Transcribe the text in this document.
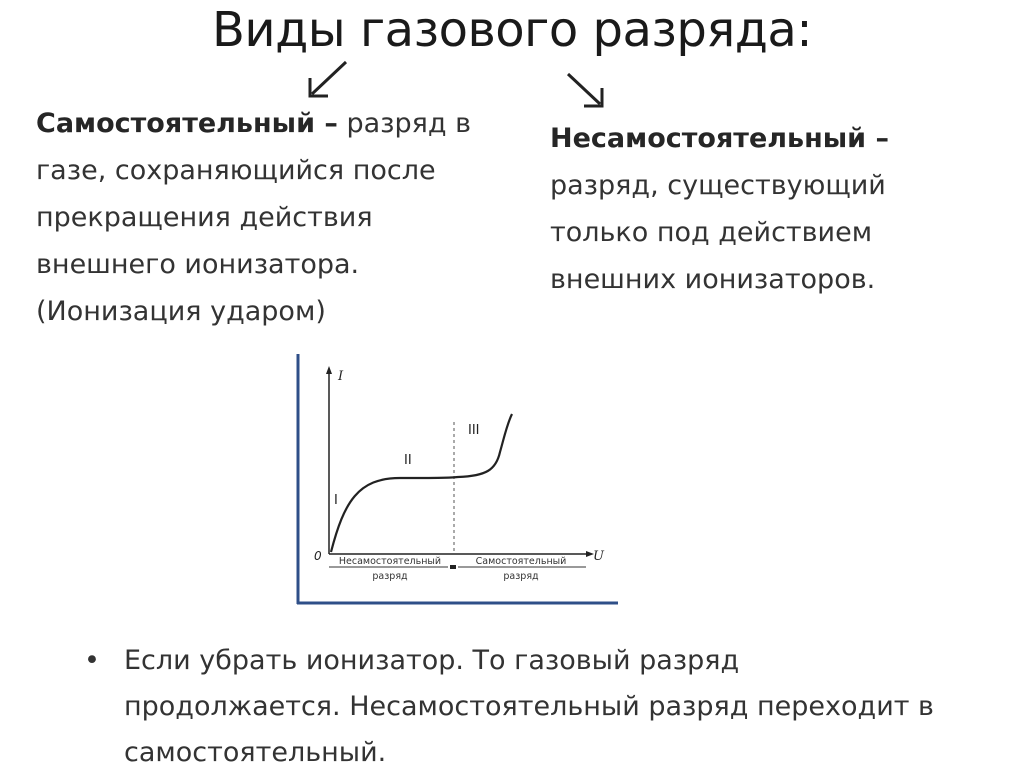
Виды газового разряда:
Самостоятельный – разряд в
газе, сохраняющийся после
прекращения действия
внешнего ионизатора.
(Ионизация ударом)
Несамостоятельный –
разряд, существующий
только под действием
внешних ионизаторов.
I
U
0
I
II
III
Несамостоятельный
разряд
Самостоятельный
разряд
• Если убрать ионизатор. То газовый разряд
продолжается. Несамостоятельный разряд переходит в
самостоятельный.
